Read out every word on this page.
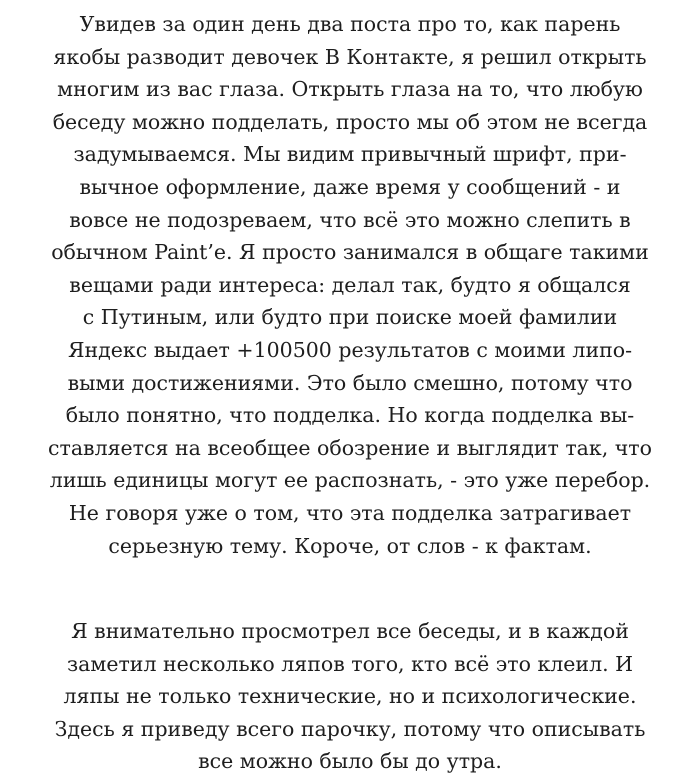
Увидев за один день два поста про то, как парень
якобы разводит девочек В Контакте, я решил открыть
многим из вас глаза. Открыть глаза на то, что любую
беседу можно подделать, просто мы об этом не всегда
задумываемся. Мы видим привычный шрифт, при-
вычное оформление, даже время у сообщений - и
вовсе не подозреваем, что всё это можно слепить в
обычном Paint’e. Я просто занимался в общаге такими
вещами ради интереса: делал так, будто я общался
с Путиным, или будто при поиске моей фамилии
Яндекс выдает +100500 результатов с моими липо-
выми достижениями. Это было смешно, потому что
было понятно, что подделка. Но когда подделка вы-
ставляется на всеобщее обозрение и выглядит так, что
лишь единицы могут ее распознать, - это уже перебор.
Не говоря уже о том, что эта подделка затрагивает
серьезную тему. Короче, от слов - к фактам.

Я внимательно просмотрел все беседы, и в каждой
заметил несколько ляпов того, кто всё это клеил. И
ляпы не только технические, но и психологические.
Здесь я приведу всего парочку, потому что описывать
все можно было бы до утра.
